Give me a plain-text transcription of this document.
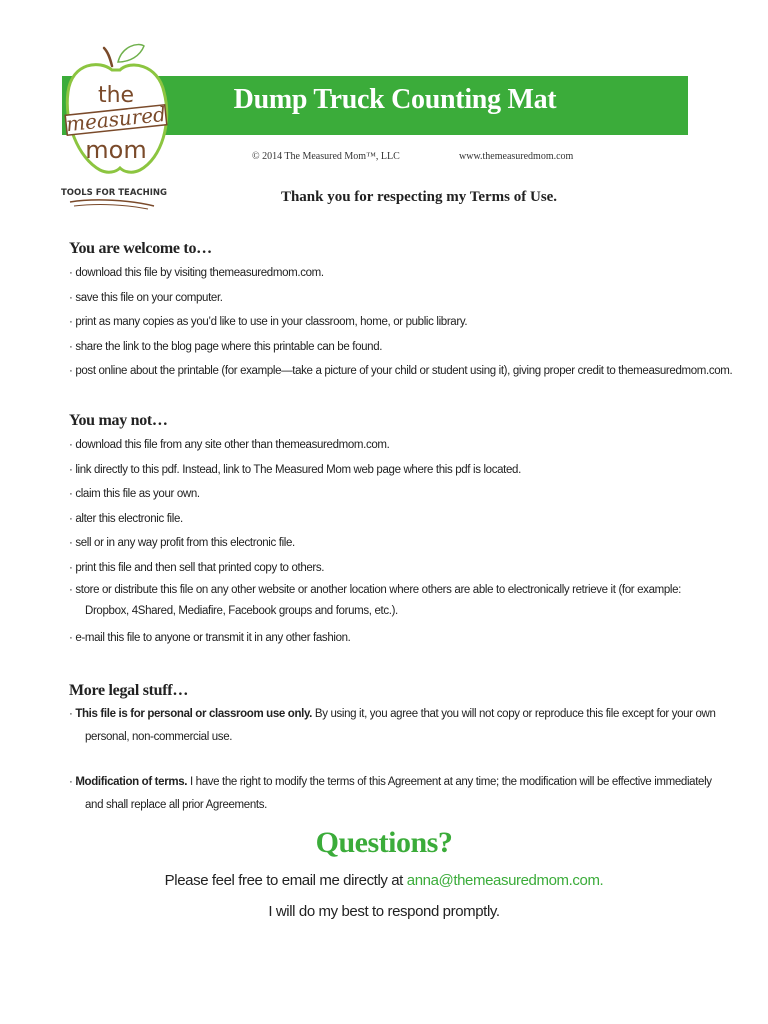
Dump Truck Counting Mat
the
measured
mom
TOOLS FOR TEACHING
© 2014 The Measured Mom™, LLC	www.themeasuredmom.com
Thank you for respecting my Terms of Use.
You are welcome to…
· download this file by visiting themeasuredmom.com.
· save this file on your computer.
· print as many copies as you’d like to use in your classroom, home, or public library.
· share the link to the blog page where this printable can be found.
· post online about the printable (for example—take a picture of your child or student using it), giving proper credit to themeasuredmom.com.
You may not…
· download this file from any site other than themeasuredmom.com.
· link directly to this pdf. Instead, link to The Measured Mom web page where this pdf is located.
· claim this file as your own.
· alter this electronic file.
· sell or in any way profit from this electronic file.
· print this file and then sell that printed copy to others.
· store or distribute this file on any other website or another location where others are able to electronically retrieve it (for example: Dropbox, 4Shared, Mediafire, Facebook groups and forums, etc.).
· e-mail this file to anyone or transmit it in any other fashion.
More legal stuff…
· This file is for personal or classroom use only. By using it, you agree that you will not copy or reproduce this file except for your own personal, non-commercial use.
· Modification of terms. I have the right to modify the terms of this Agreement at any time; the modification will be effective immediately and shall replace all prior Agreements.
Questions?
Please feel free to email me directly at anna@themeasuredmom.com.
I will do my best to respond promptly.
